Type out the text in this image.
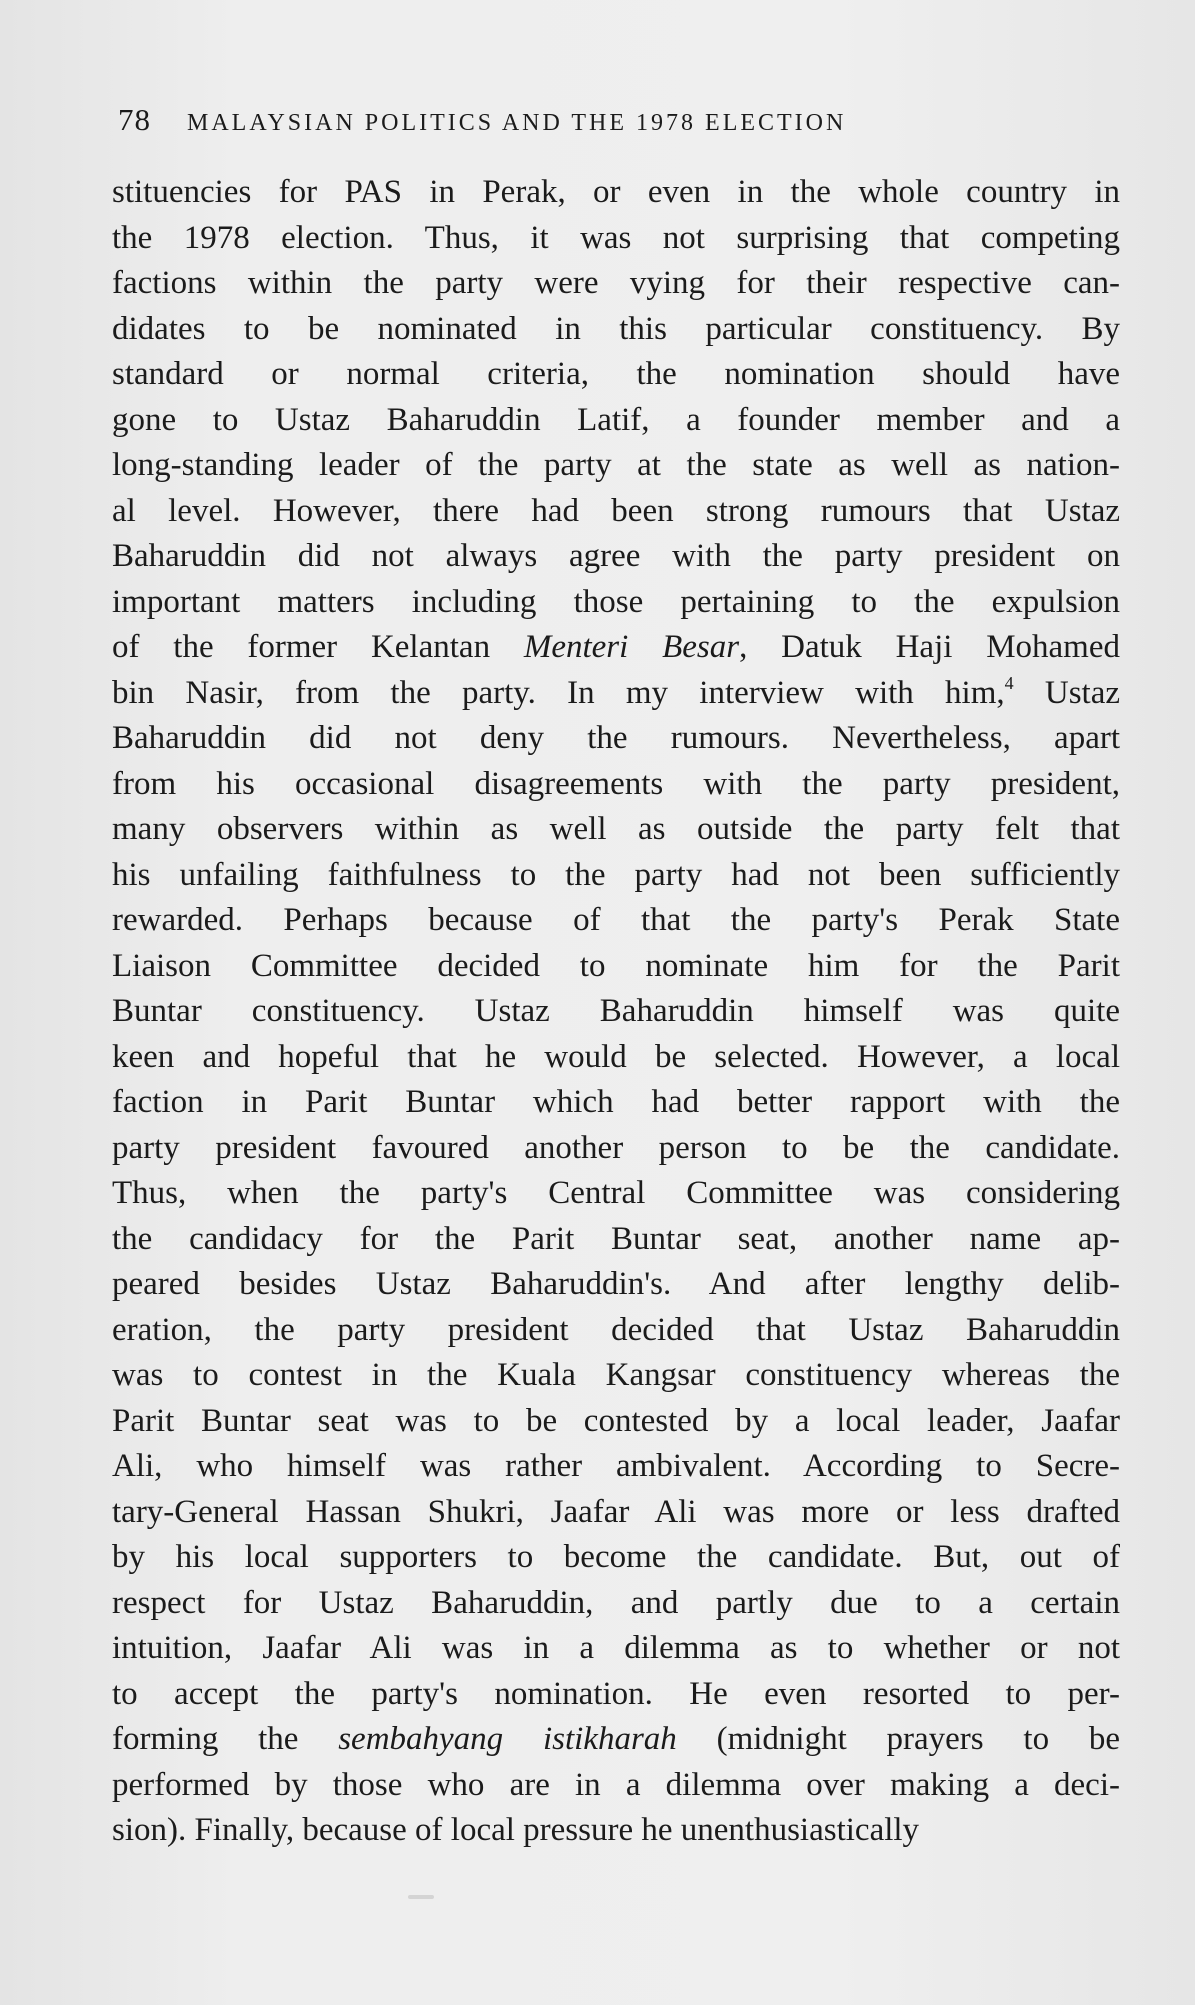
78 MALAYSIAN POLITICS AND THE 1978 ELECTION
stituencies for PAS in Perak, or even in the whole country in
the 1978 election. Thus, it was not surprising that competing
factions within the party were vying for their respective can-
didates to be nominated in this particular constituency. By
standard or normal criteria, the nomination should have
gone to Ustaz Baharuddin Latif, a founder member and a
long-standing leader of the party at the state as well as nation-
al level. However, there had been strong rumours that Ustaz
Baharuddin did not always agree with the party president on
important matters including those pertaining to the expulsion
of the former Kelantan Menteri Besar, Datuk Haji Mohamed
bin Nasir, from the party. In my interview with him,$^4$ Ustaz
Baharuddin did not deny the rumours. Nevertheless, apart
from his occasional disagreements with the party president,
many observers within as well as outside the party felt that
his unfailing faithfulness to the party had not been sufficiently
rewarded. Perhaps because of that the party's Perak State
Liaison Committee decided to nominate him for the Parit
Buntar constituency. Ustaz Baharuddin himself was quite
keen and hopeful that he would be selected. However, a local
faction in Parit Buntar which had better rapport with the
party president favoured another person to be the candidate.
Thus, when the party's Central Committee was considering
the candidacy for the Parit Buntar seat, another name ap-
peared besides Ustaz Baharuddin's. And after lengthy delib-
eration, the party president decided that Ustaz Baharuddin
was to contest in the Kuala Kangsar constituency whereas the
Parit Buntar seat was to be contested by a local leader, Jaafar
Ali, who himself was rather ambivalent. According to Secre-
tary-General Hassan Shukri, Jaafar Ali was more or less drafted
by his local supporters to become the candidate. But, out of
respect for Ustaz Baharuddin, and partly due to a certain
intuition, Jaafar Ali was in a dilemma as to whether or not
to accept the party's nomination. He even resorted to per-
forming the sembahyang istikharah (midnight prayers to be
performed by those who are in a dilemma over making a deci-
sion). Finally, because of local pressure he unenthusiastically
